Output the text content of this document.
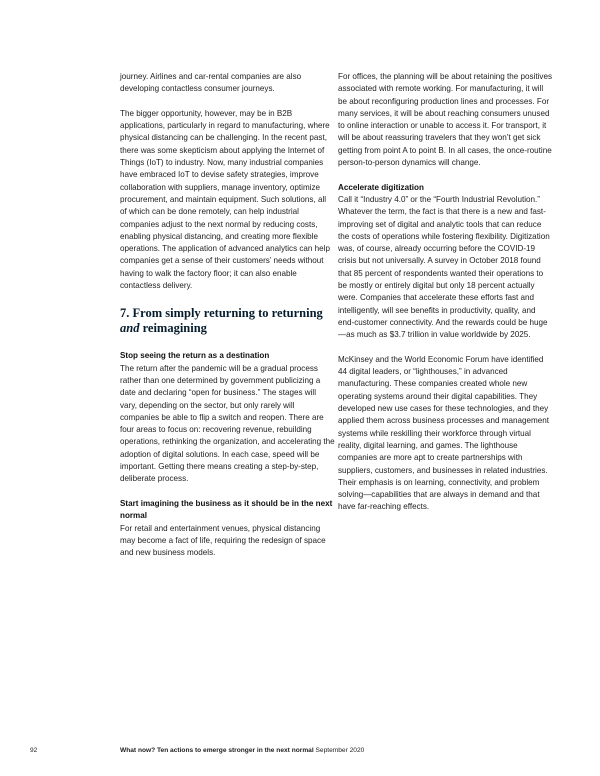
journey. Airlines and car-rental companies are also developing contactless consumer journeys.

The bigger opportunity, however, may be in B2B applications, particularly in regard to manufacturing, where physical distancing can be challenging. In the recent past, there was some skepticism about applying the Internet of Things (IoT) to industry. Now, many industrial companies have embraced IoT to devise safety strategies, improve collaboration with suppliers, manage inventory, optimize procurement, and maintain equipment. Such solutions, all of which can be done remotely, can help industrial companies adjust to the next normal by reducing costs, enabling physical distancing, and creating more flexible operations. The application of advanced analytics can help companies get a sense of their customers’ needs without having to walk the factory floor; it can also enable contactless delivery.

7. From simply returning to returning and reimagining

Stop seeing the return as a destination

The return after the pandemic will be a gradual process rather than one determined by government publicizing a date and declaring “open for business.” The stages will vary, depending on the sector, but only rarely will companies be able to flip a switch and reopen. There are four areas to focus on: recovering revenue, rebuilding operations, rethinking the organization, and accelerating the adoption of digital solutions. In each case, speed will be important. Getting there means creating a step-by-step, deliberate process.

Start imagining the business as it should be in the next normal

For retail and entertainment venues, physical distancing may become a fact of life, requiring the redesign of space and new business models.

For offices, the planning will be about retaining the positives associated with remote working. For manufacturing, it will be about reconfiguring production lines and processes. For many services, it will be about reaching consumers unused to online interaction or unable to access it. For transport, it will be about reassuring travelers that they won’t get sick getting from point A to point B. In all cases, the once-routine person-to-person dynamics will change.

Accelerate digitization

Call it “Industry 4.0” or the “Fourth Industrial Revolution.” Whatever the term, the fact is that there is a new and fast-improving set of digital and analytic tools that can reduce the costs of operations while fostering flexibility. Digitization was, of course, already occurring before the COVID-19 crisis but not universally. A survey in October 2018 found that 85 percent of respondents wanted their operations to be mostly or entirely digital but only 18 percent actually were. Companies that accelerate these efforts fast and intelligently, will see benefits in productivity, quality, and end-customer connectivity. And the rewards could be huge—as much as $3.7 trillion in value worldwide by 2025.

McKinsey and the World Economic Forum have identified 44 digital leaders, or “lighthouses,” in advanced manufacturing. These companies created whole new operating systems around their digital capabilities. They developed new use cases for these technologies, and they applied them across business processes and management systems while reskilling their workforce through virtual reality, digital learning, and games. The lighthouse companies are more apt to create partnerships with suppliers, customers, and businesses in related industries. Their emphasis is on learning, connectivity, and problem solving—capabilities that are always in demand and that have far-reaching effects.

92	What now? Ten actions to emerge stronger in the next normal September 2020
